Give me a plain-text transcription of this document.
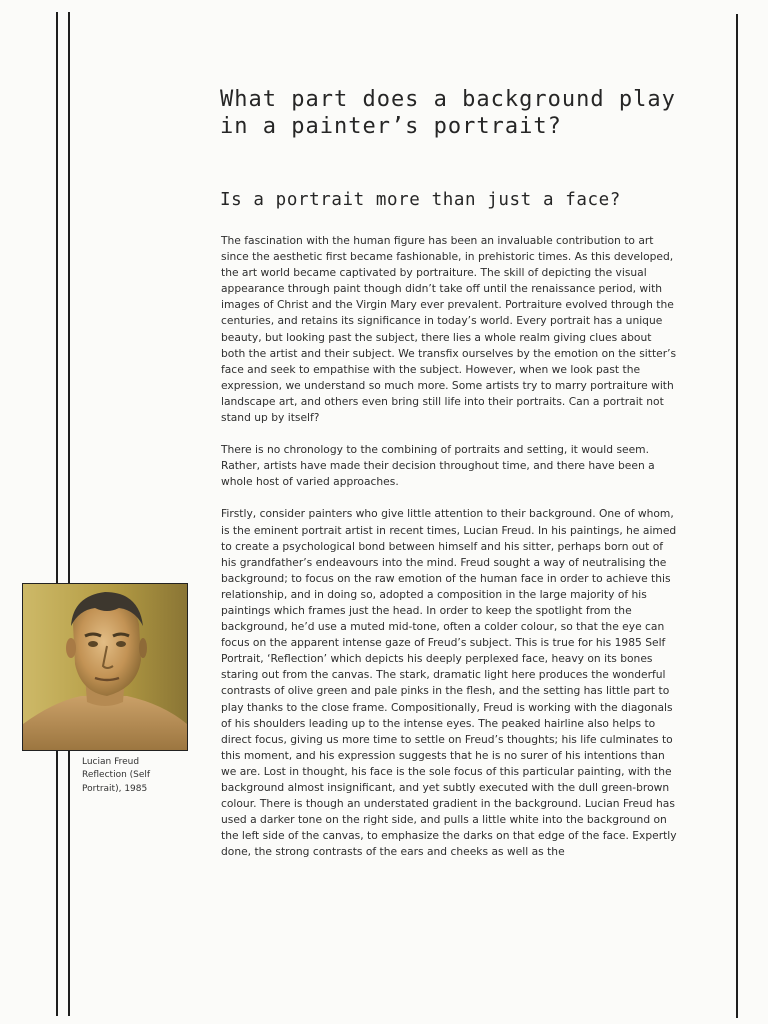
What part does a background play in a painter’s portrait?
Is a portrait more than just a face?

The fascination with the human figure has been an invaluable contribution to art since the aesthetic first became fashionable, in prehistoric times. As this developed, the art world became captivated by portraiture. The skill of depicting the visual appearance through paint though didn’t take off until the renaissance period, with images of Christ and the Virgin Mary ever prevalent. Portraiture evolved through the centuries, and retains its significance in today’s world. Every portrait has a unique beauty, but looking past the subject, there lies a whole realm giving clues about both the artist and their subject. We transfix ourselves by the emotion on the sitter’s face and seek to empathise with the subject. However, when we look past the expression, we understand so much more. Some artists try to marry portraiture with landscape art, and others even bring still life into their portraits. Can a portrait not stand up by itself?

There is no chronology to the combining of portraits and setting, it would seem. Rather, artists have made their decision throughout time, and there have been a whole host of varied approaches.

Firstly, consider painters who give little attention to their background. One of whom, is the eminent portrait artist in recent times, Lucian Freud. In his paintings, he aimed to create a psychological bond between himself and his sitter, perhaps born out of his grandfather’s endeavours into the mind. Freud sought a way of neutralising the background; to focus on the raw emotion of the human face in order to achieve this relationship, and in doing so, adopted a composition in the large majority of his paintings which frames just the head. In order to keep the spotlight from the background, he’d use a muted mid-tone, often a colder colour, so that the eye can focus on the apparent intense gaze of Freud’s subject. This is true for his 1985 Self Portrait, ‘Reflection’ which depicts his deeply perplexed face, heavy on its bones staring out from the canvas. The stark, dramatic light here produces the wonderful contrasts of olive green and pale pinks in the flesh, and the setting has little part to play thanks to the close frame. Compositionally, Freud is working with the diagonals of his shoulders leading up to the intense eyes. The peaked hairline also helps to direct focus, giving us more time to settle on Freud’s thoughts; his life culminates to this moment, and his expression suggests that he is no surer of his intentions than we are. Lost in thought, his face is the sole focus of this particular painting, with the background almost insignificant, and yet subtly executed with the dull green-brown colour. There is though an understated gradient in the background. Lucian Freud has used a darker tone on the right side, and pulls a little white into the background on the left side of the canvas, to emphasize the darks on that edge of the face. Expertly done, the strong contrasts of the ears and cheeks as well as the

Lucian Freud Reflection (Self Portrait), 1985
